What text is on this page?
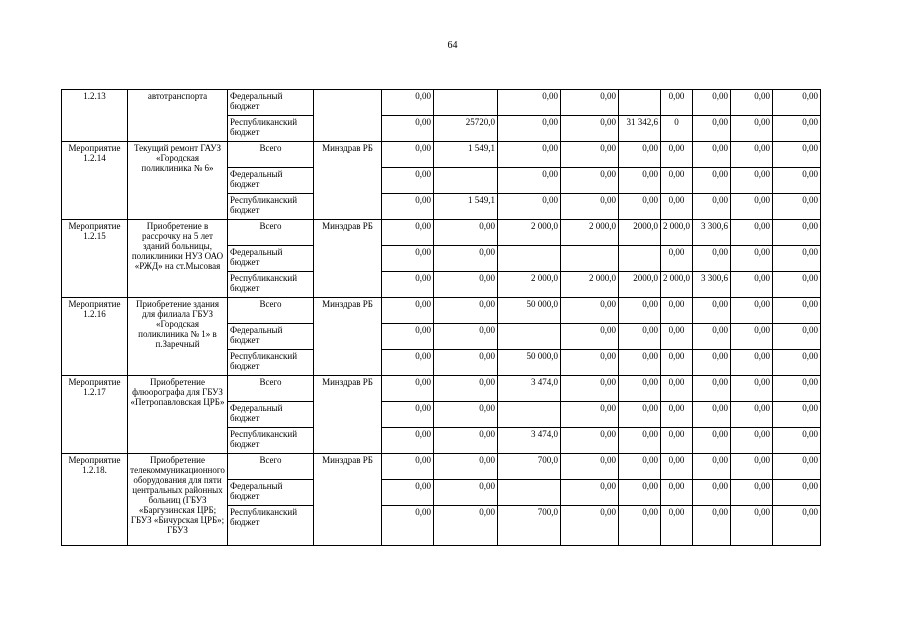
64
1.2.13	автотранспорта	Федеральный бюджет		0,00		0,00	0,00		0,00	0,00	0,00	0,00
		Республиканский бюджет		0,00	25720,0	0,00	0,00	31 342,6	0	0,00	0,00	0,00
Мероприятие 1.2.14	Текущий ремонт ГАУЗ «Городская поликлиника № 6»	Всего	Минздрав РБ	0,00	1 549,1	0,00	0,00	0,00	0,00	0,00	0,00	0,00
		Федеральный бюджет		0,00		0,00	0,00	0,00	0,00	0,00	0,00	0,00
		Республиканский бюджет		0,00	1 549,1	0,00	0,00	0,00	0,00	0,00	0,00	0,00
Мероприятие 1.2.15	Приобретение в рассрочку на 5 лет зданий больницы, поликлиники НУЗ ОАО «РЖД» на ст.Мысовая	Всего	Минздрав РБ	0,00	0,00	2 000,0	2 000,0	2000,0	2 000,0	3 300,6	0,00	0,00
		Федеральный бюджет		0,00	0,00				0,00	0,00	0,00	0,00
		Республиканский бюджет		0,00	0,00	2 000,0	2 000,0	2000,0	2 000,0	3 300,6	0,00	0,00
Мероприятие 1.2.16	Приобретение здания для филиала ГБУЗ «Городская поликлиника № 1» в п.Заречный	Всего	Минздрав РБ	0,00	0,00	50 000,0	0,00	0,00	0,00	0,00	0,00	0,00
		Федеральный бюджет		0,00	0,00		0,00	0,00	0,00	0,00	0,00	0,00
		Республиканский бюджет		0,00	0,00	50 000,0	0,00	0,00	0,00	0,00	0,00	0,00
Мероприятие 1.2.17	Приобретение флюорографа для ГБУЗ «Петропавловская ЦРБ»	Всего	Минздрав РБ	0,00	0,00	3 474,0	0,00	0,00	0,00	0,00	0,00	0,00
		Федеральный бюджет		0,00	0,00		0,00	0,00	0,00	0,00	0,00	0,00
		Республиканский бюджет		0,00	0,00	3 474,0	0,00	0,00	0,00	0,00	0,00	0,00
Мероприятие 1.2.18.	Приобретение телекоммуникационного оборудования для пяти центральных районных больниц (ГБУЗ «Баргузинская ЦРБ; ГБУЗ «Бичурская ЦРБ»; ГБУЗ	Всего	Минздрав РБ	0,00	0,00	700,0	0,00	0,00	0,00	0,00	0,00	0,00
		Федеральный бюджет		0,00	0,00		0,00	0,00	0,00	0,00	0,00	0,00
		Республиканский бюджет		0,00	0,00	700,0	0,00	0,00	0,00	0,00	0,00	0,00
